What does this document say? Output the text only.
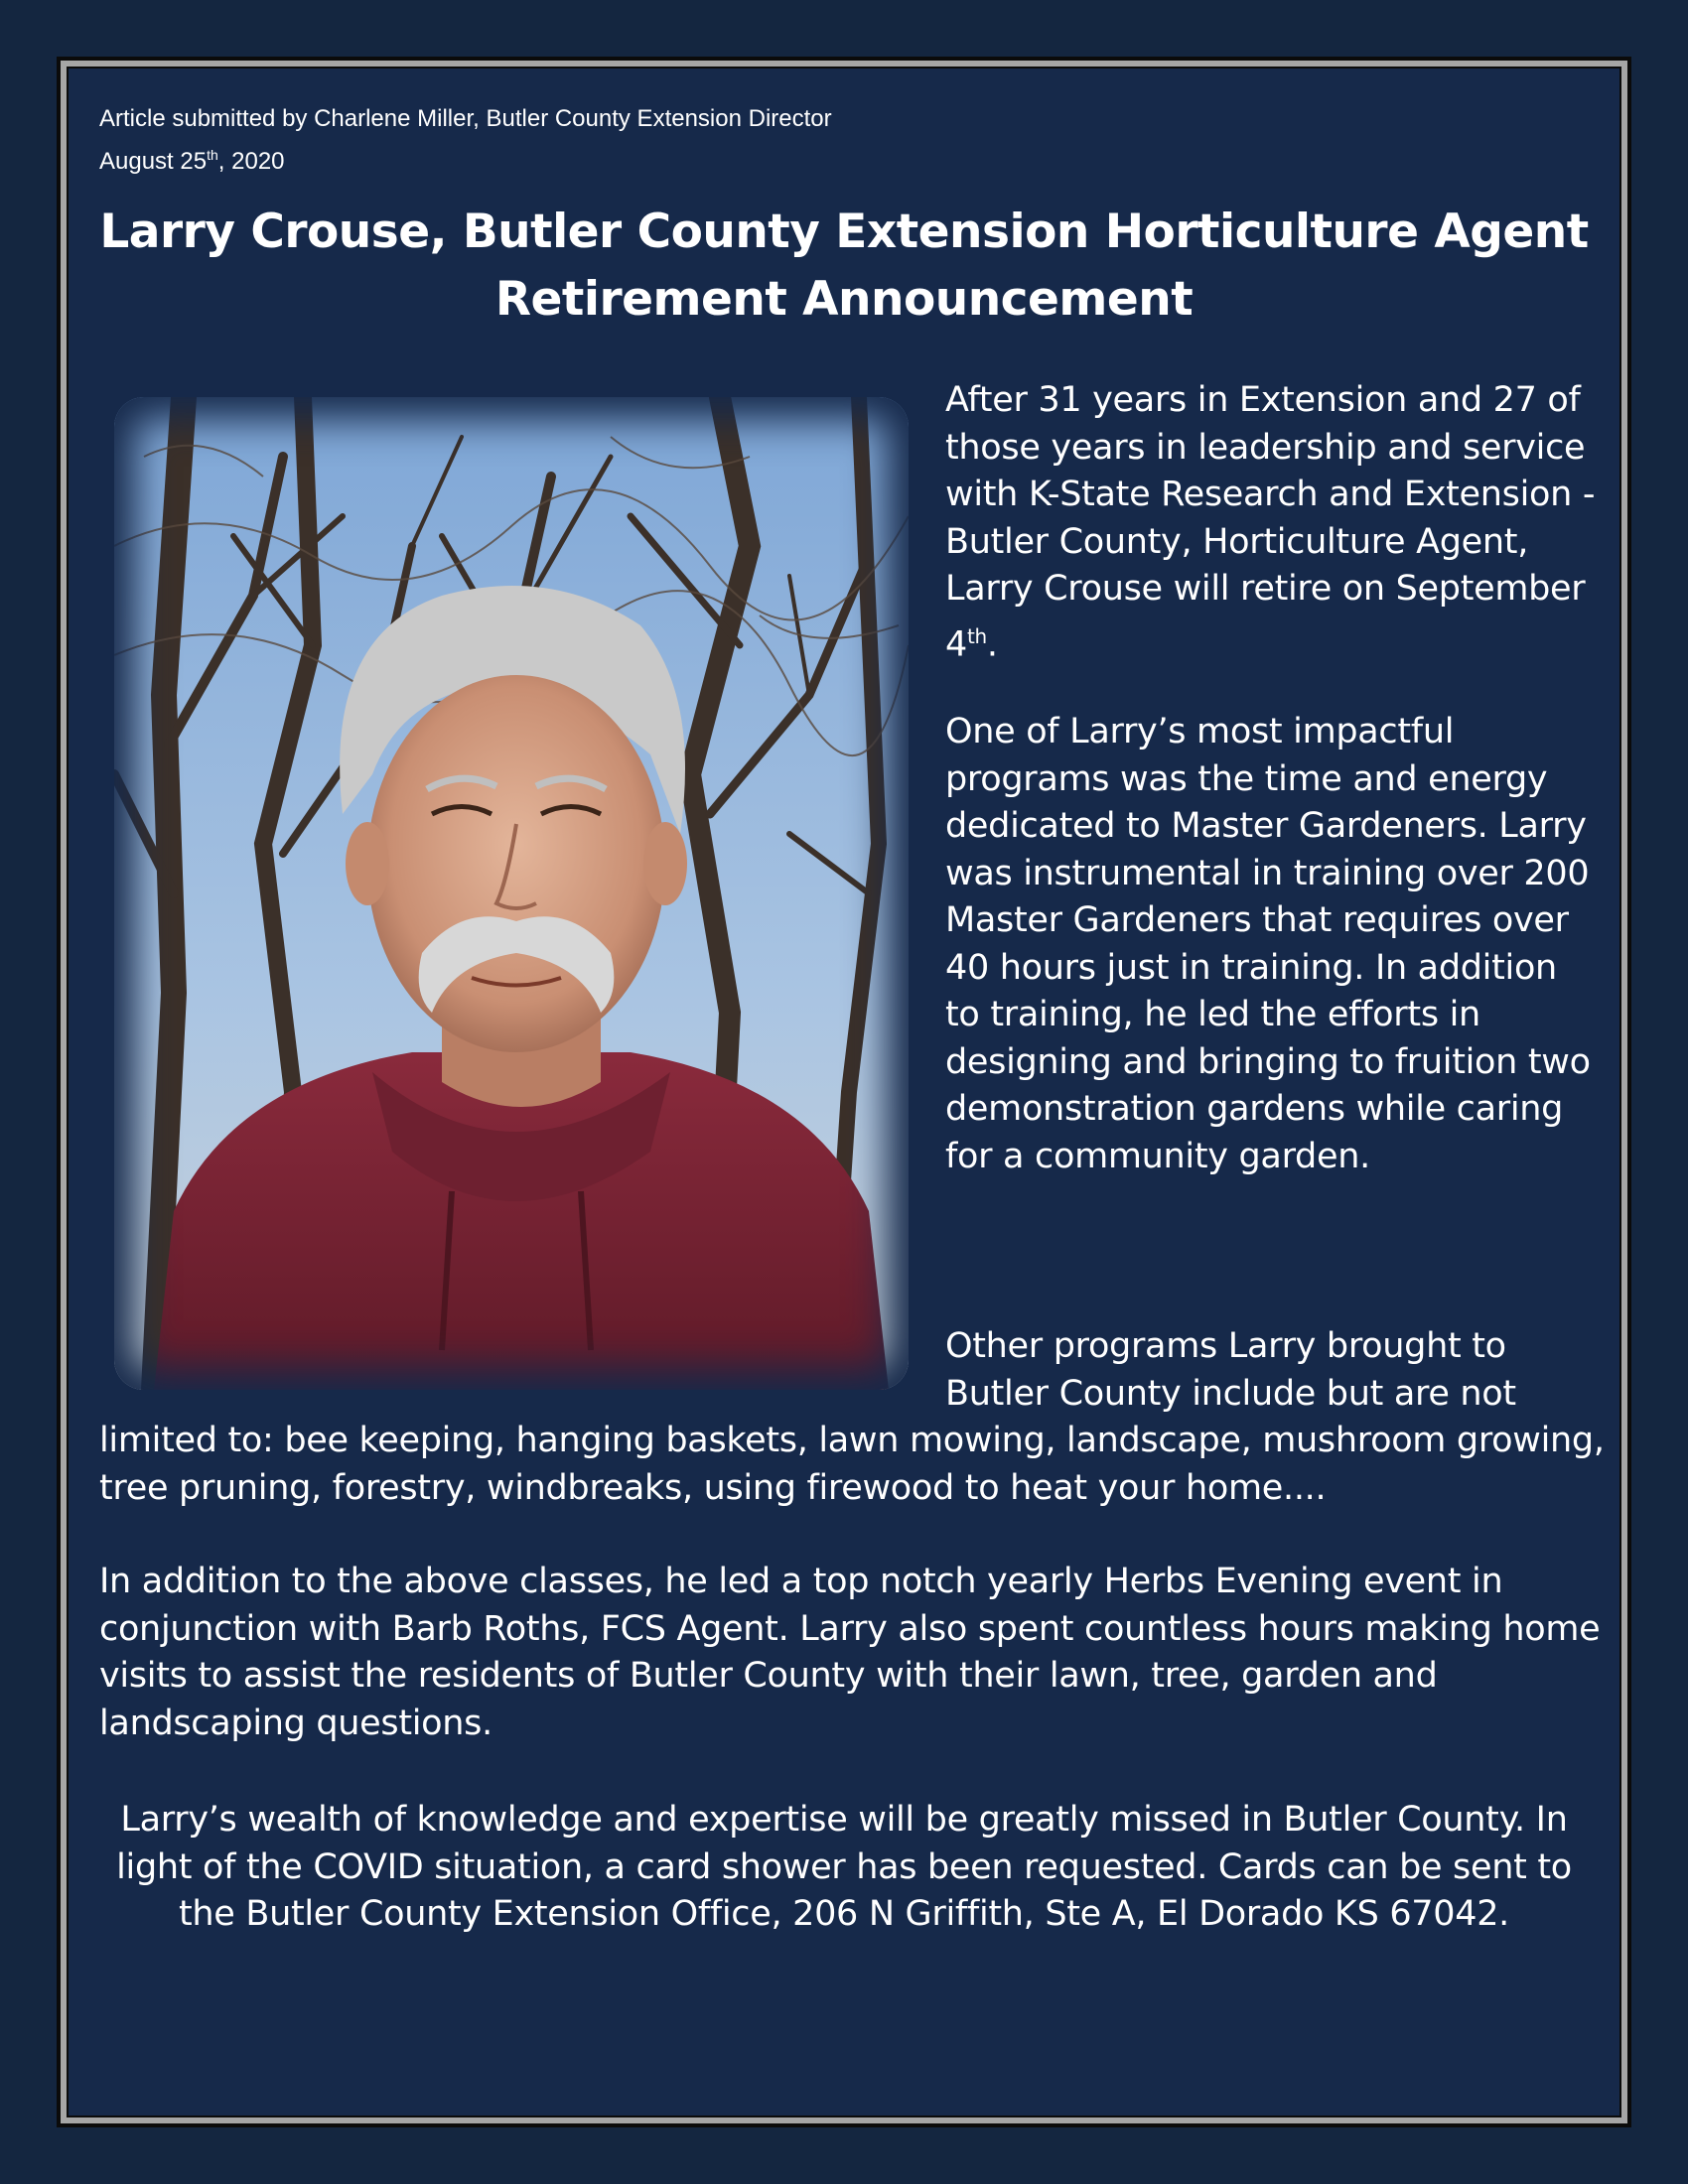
Article submitted by Charlene Miller, Butler County Extension Director
August 25th, 2020
Larry Crouse, Butler County Extension Horticulture Agent
Retirement Announcement
After 31 years in Extension and 27 of those years in leadership and service with K-State Research and Extension - Butler County, Horticulture Agent, Larry Crouse will retire on September 4th.
One of Larry’s most impactful programs was the time and energy dedicated to Master Gardeners. Larry was instrumental in training over 200 Master Gardeners that requires over 40 hours just in training. In addition to training, he led the efforts in designing and bringing to fruition two demonstration gardens while caring for a community garden.
Other programs Larry brought to Butler County include but are not
limited to: bee keeping, hanging baskets, lawn mowing, landscape, mushroom growing, tree pruning, forestry, windbreaks, using firewood to heat your home....
In addition to the above classes, he led a top notch yearly Herbs Evening event in conjunction with Barb Roths, FCS Agent. Larry also spent countless hours making home visits to assist the residents of Butler County with their lawn, tree, garden and landscaping questions.
Larry’s wealth of knowledge and expertise will be greatly missed in Butler County. In light of the COVID situation, a card shower has been requested. Cards can be sent to the Butler County Extension Office, 206 N Griffith, Ste A, El Dorado KS 67042.
